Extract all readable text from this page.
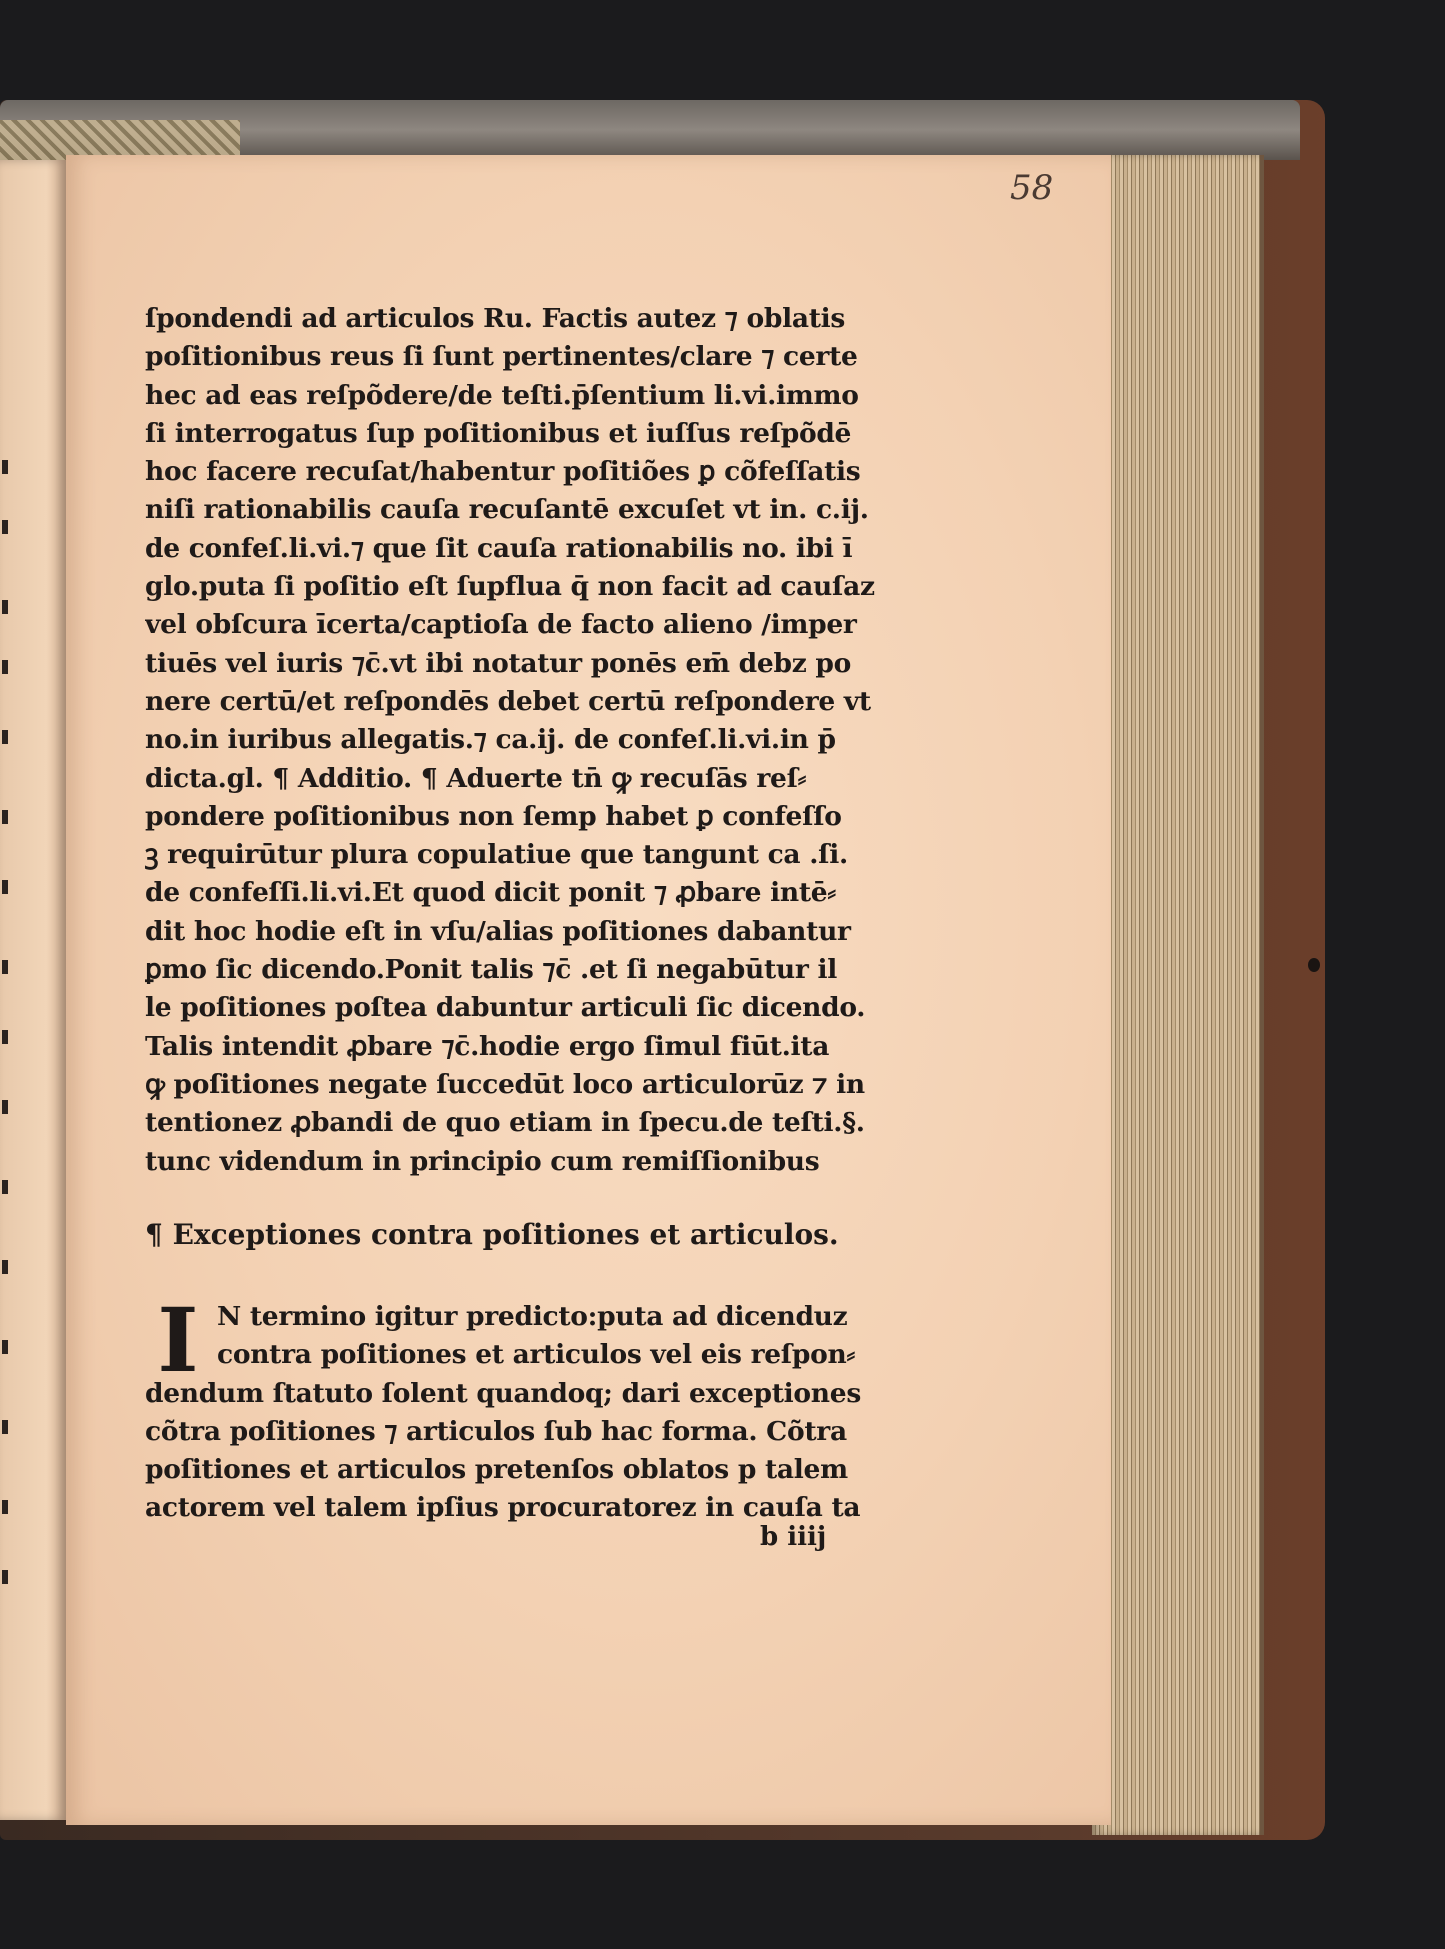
58
ſpondendi ad articulos Ru. Factis autez ⁊ oblatis
poſitionibus reus ſi ſunt pertinentes/clare ⁊ certe
hec ad eas reſpõdere/de teſti.p̄ſentium li.vi.immo
ſi interrogatus ſup poſitionibus et iuſſus reſpõdē
hoc facere recuſat/habentur poſitiões ꝑ cõfeſſatis
niſi rationabilis cauſa recuſantē excuſet vt in. c.ij.
de confeſ.li.vi.⁊ que ſit cauſa rationabilis no. ibi ī
glo.puta ſi poſitio eſt ſupflua q̄ non facit ad cauſaz
vel obſcura īcerta/captioſa de facto alieno /imper
tiuēs vel iuris ⁊c̄.vt ibi notatur ponēs em̄ debz po
nere certū/et reſpondēs debet certū reſpondere vt
no.in iuribus allegatis.⁊ ca.ij. de confeſ.li.vi.in p̄
dicta.gl. ¶ Additio. ¶ Aduerte tn̄ ꝙ recuſās reſ⸗
pondere poſitionibus non ſemp habet ꝑ confeſſo
ꝫ requirūtur plura copulatiue que tangunt ca .ſi.
de confeſſi.li.vi.Et quod dicit ponit ⁊ ꝓbare intē⸗
dit hoc hodie eſt in vſu/alias poſitiones dabantur
ꝑmo ſic dicendo.Ponit talis ⁊c̄ .et ſi negabūtur il
le poſitiones poſtea dabuntur articuli ſic dicendo.
Talis intendit ꝓbare ⁊c̄.hodie ergo ſimul fiūt.ita
ꝙ poſitiones negate ſuccedūt loco articulorūz ⁊ in
tentionez ꝓbandi de quo etiam in ſpecu.de teſti.§.
tunc videndum in principio cum remiſſionibus
¶ Exceptiones contra poſitiones et articulos.
I N termino igitur predicto:puta ad dicenduz
contra poſitiones et articulos vel eis reſpon⸗
dendum ſtatuto ſolent quandoq; dari exceptiones
cõtra poſitiones ⁊ articulos ſub hac forma. Cõtra
poſitiones et articulos pretenſos oblatos p talem
actorem vel talem ipſius procuratorez in cauſa ta
b iiij
